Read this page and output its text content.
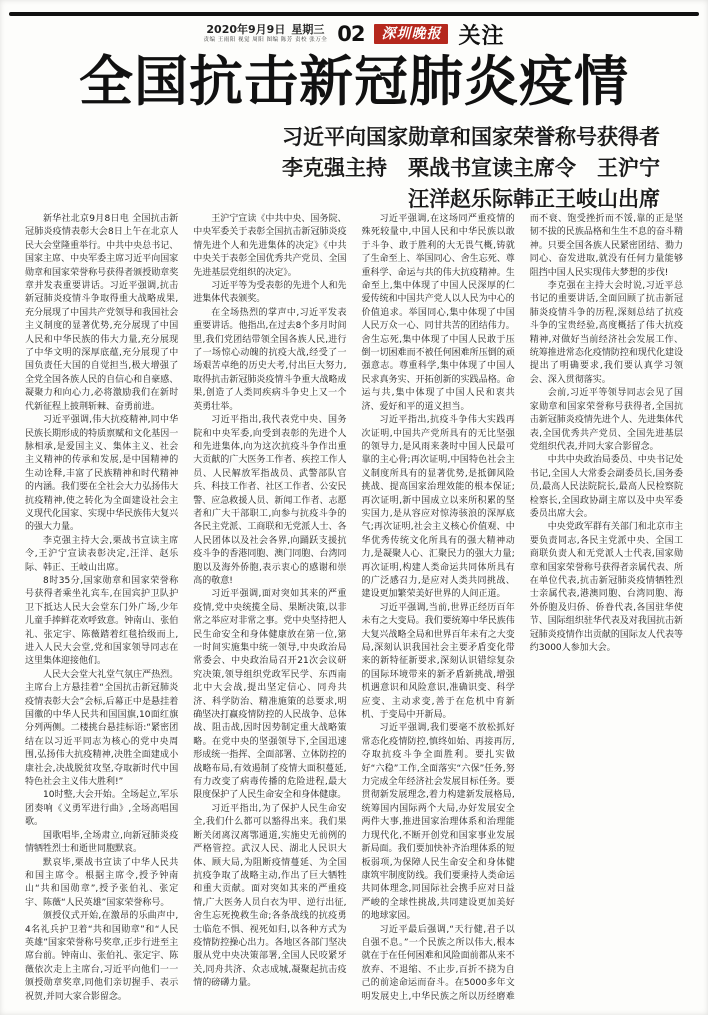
2020年9月9日 星期三
责编 王雨阳 视觉 周阳 图编 陈芳 责校 张万全 02	深圳晚报 关注
全国抗击新冠肺炎疫情
习近平向国家勋章和国家荣誉称号获得者
李克强主持　栗战书宣读主席令　王沪宁
汪洋赵乐际韩正王岐山出席

新华社北京9月8日电 全国抗击新冠肺炎疫情表彰大会8日上午在北京人民大会堂隆重举行。中共中央总书记、国家主席、中央军委主席习近平向国家勋章和国家荣誉称号获得者颁授勋章奖章并发表重要讲话。习近平强调,抗击新冠肺炎疫情斗争取得重大战略成果,充分展现了中国共产党领导和我国社会主义制度的显著优势,充分展现了中国人民和中华民族的伟大力量,充分展现了中华文明的深厚底蕴,充分展现了中国负责任大国的自觉担当,极大增强了全党全国各族人民的自信心和自豪感、凝聚力和向心力,必将激励我们在新时代新征程上披荆斩棘、奋勇前进。

习近平强调,伟大抗疫精神,同中华民族长期形成的特质禀赋和文化基因一脉相承,是爱国主义、集体主义、社会主义精神的传承和发展,是中国精神的生动诠释,丰富了民族精神和时代精神的内涵。我们要在全社会大力弘扬伟大抗疫精神,使之转化为全面建设社会主义现代化国家、实现中华民族伟大复兴的强大力量。

李克强主持大会,栗战书宣读主席令,王沪宁宣读表彰决定,汪洋、赵乐际、韩正、王岐山出席。

8时35分,国家勋章和国家荣誉称号获得者乘坐礼宾车,在国宾护卫队护卫下抵达人民大会堂东门外广场,少年儿童手捧鲜花欢呼致意。钟南山、张伯礼、张定宇、陈薇踏着红毯拾级而上,进入人民大会堂,党和国家领导同志在这里集体迎接他们。

人民大会堂大礼堂气氛庄严热烈。主席台上方悬挂着“全国抗击新冠肺炎疫情表彰大会”会标,后幕正中是悬挂着国徽的中华人民共和国国旗,10面红旗分列两侧。二楼挑台悬挂标语:“紧密团结在以习近平同志为核心的党中央周围,弘扬伟大抗疫精神,决胜全面建成小康社会,决战脱贫攻坚,夺取新时代中国特色社会主义伟大胜利!”

10时整,大会开始。全场起立,军乐团奏响《义勇军进行曲》,全场高唱国歌。

国歌唱毕,全场肃立,向新冠肺炎疫情牺牲烈士和逝世同胞默哀。

默哀毕,栗战书宣读了中华人民共和国主席令。根据主席令,授予钟南山“共和国勋章”,授予张伯礼、张定宇、陈薇“人民英雄”国家荣誉称号。

颁授仪式开始,在激昂的乐曲声中,4名礼兵护卫着“共和国勋章”和“人民英雄”国家荣誉称号奖章,正步行进至主席台前。钟南山、张伯礼、张定宇、陈薇依次走上主席台,习近平向他们一一颁授勋章奖章,同他们亲切握手、表示祝贺,并同大家合影留念。

王沪宁宣读《中共中央、国务院、中央军委关于表彰全国抗击新冠肺炎疫情先进个人和先进集体的决定》《中共中央关于表彰全国优秀共产党员、全国先进基层党组织的决定》。

习近平等为受表彰的先进个人和先进集体代表颁奖。

在全场热烈的掌声中,习近平发表重要讲话。他指出,在过去8个多月时间里,我们党团结带领全国各族人民,进行了一场惊心动魄的抗疫大战,经受了一场艰苦卓绝的历史大考,付出巨大努力,取得抗击新冠肺炎疫情斗争重大战略成果,创造了人类同疾病斗争史上又一个英勇壮举。

习近平指出,我代表党中央、国务院和中央军委,向受到表彰的先进个人和先进集体,向为这次抗疫斗争作出重大贡献的广大医务工作者、疾控工作人员、人民解放军指战员、武警部队官兵、科技工作者、社区工作者、公安民警、应急救援人员、新闻工作者、志愿者和广大干部职工,向参与抗疫斗争的各民主党派、工商联和无党派人士、各人民团体以及社会各界,向踊跃支援抗疫斗争的香港同胞、澳门同胞、台湾同胞以及海外侨胞,表示衷心的感谢和崇高的敬意!

习近平强调,面对突如其来的严重疫情,党中央统揽全局、果断决策,以非常之举应对非常之事。党中央坚持把人民生命安全和身体健康放在第一位,第一时间实施集中统一领导,中央政治局常委会、中央政治局召开21次会议研究决策,领导组织党政军民学、东西南北中大会战,提出坚定信心、同舟共济、科学防治、精准施策的总要求,明确坚决打赢疫情防控的人民战争、总体战、阻击战,因时因势制定重大战略策略。在党中央的坚强领导下,全国迅速形成统一指挥、全面部署、立体防控的战略布局,有效遏制了疫情大面积蔓延,有力改变了病毒传播的危险进程,最大限度保护了人民生命安全和身体健康。

习近平指出,为了保护人民生命安全,我们什么都可以豁得出来。我们果断关闭离汉离鄂通道,实施史无前例的严格管控。武汉人民、湖北人民识大体、顾大局,为阻断疫情蔓延、为全国抗疫争取了战略主动,作出了巨大牺牲和重大贡献。面对突如其来的严重疫情,广大医务人员白衣为甲、逆行出征,舍生忘死挽救生命;各条战线的抗疫勇士临危不惧、视死如归,以各种方式为疫情防控操心出力。各地区各部门坚决服从党中央决策部署,全国人民咬紧牙关,同舟共济、众志成城,凝聚起抗击疫情的磅礴力量。

习近平强调,在这场同严重疫情的殊死较量中,中国人民和中华民族以敢于斗争、敢于胜利的大无畏气概,铸就了生命至上、举国同心、舍生忘死、尊重科学、命运与共的伟大抗疫精神。生命至上,集中体现了中国人民深厚的仁爱传统和中国共产党人以人民为中心的价值追求。举国同心,集中体现了中国人民万众一心、同甘共苦的团结伟力。舍生忘死,集中体现了中国人民敢于压倒一切困难而不被任何困难所压倒的顽强意志。尊重科学,集中体现了中国人民求真务实、开拓创新的实践品格。命运与共,集中体现了中国人民和衷共济、爱好和平的道义担当。

习近平指出,抗疫斗争伟大实践再次证明,中国共产党所具有的无比坚强的领导力,是风雨来袭时中国人民最可靠的主心骨;再次证明,中国特色社会主义制度所具有的显著优势,是抵御风险挑战、提高国家治理效能的根本保证;再次证明,新中国成立以来所积累的坚实国力,是从容应对惊涛骇浪的深厚底气;再次证明,社会主义核心价值观、中华优秀传统文化所具有的强大精神动力,是凝聚人心、汇聚民力的强大力量;再次证明,构建人类命运共同体所具有的广泛感召力,是应对人类共同挑战、建设更加繁荣美好世界的人间正道。

习近平强调,当前,世界正经历百年未有之大变局。我们要统筹中华民族伟大复兴战略全局和世界百年未有之大变局,深刻认识我国社会主要矛盾变化带来的新特征新要求,深刻认识错综复杂的国际环境带来的新矛盾新挑战,增强机遇意识和风险意识,准确识变、科学应变、主动求变,善于在危机中育新机、于变局中开新局。

习近平强调,我们要毫不放松抓好常态化疫情防控,慎终如始、再接再厉,夺取抗疫斗争全面胜利。要扎实做好“六稳”工作,全面落实“六保”任务,努力完成全年经济社会发展目标任务。要贯彻新发展理念,着力构建新发展格局,统筹国内国际两个大局,办好发展安全两件大事,推进国家治理体系和治理能力现代化,不断开创党和国家事业发展新局面。我们要加快补齐治理体系的短板弱项,为保障人民生命安全和身体健康筑牢制度防线。我们要秉持人类命运共同体理念,同国际社会携手应对日益严峻的全球性挑战,共同建设更加美好的地球家园。

习近平最后强调,“天行健,君子以自强不息。”一个民族之所以伟大,根本就在于在任何困难和风险面前都从来不放弃、不退缩、不止步,百折不挠为自己的前途命运而奋斗。在5000多年文明发展史上,中华民族之所以历经磨难而不衰、饱受挫折而不馁,靠的正是坚韧不拔的民族品格和生生不息的奋斗精神。只要全国各族人民紧密团结、勠力同心、奋发进取,就没有任何力量能够阻挡中国人民实现伟大梦想的步伐!

李克强在主持大会时说,习近平总书记的重要讲话,全面回顾了抗击新冠肺炎疫情斗争的历程,深刻总结了抗疫斗争的宝贵经验,高度概括了伟大抗疫精神,对做好当前经济社会发展工作、统筹推进常态化疫情防控和现代化建设提出了明确要求,我们要认真学习领会、深入贯彻落实。

会前,习近平等领导同志会见了国家勋章和国家荣誉称号获得者,全国抗击新冠肺炎疫情先进个人、先进集体代表,全国优秀共产党员、全国先进基层党组织代表,并同大家合影留念。

中共中央政治局委员、中央书记处书记,全国人大常委会副委员长,国务委员,最高人民法院院长,最高人民检察院检察长,全国政协副主席以及中央军委委员出席大会。

中央党政军群有关部门和北京市主要负责同志,各民主党派中央、全国工商联负责人和无党派人士代表,国家勋章和国家荣誉称号获得者亲属代表、所在单位代表,抗击新冠肺炎疫情牺牲烈士亲属代表,港澳同胞、台湾同胞、海外侨胞及归侨、侨眷代表,各国驻华使节、国际组织驻华代表及对我国抗击新冠肺炎疫情作出贡献的国际友人代表等约3000人参加大会。
